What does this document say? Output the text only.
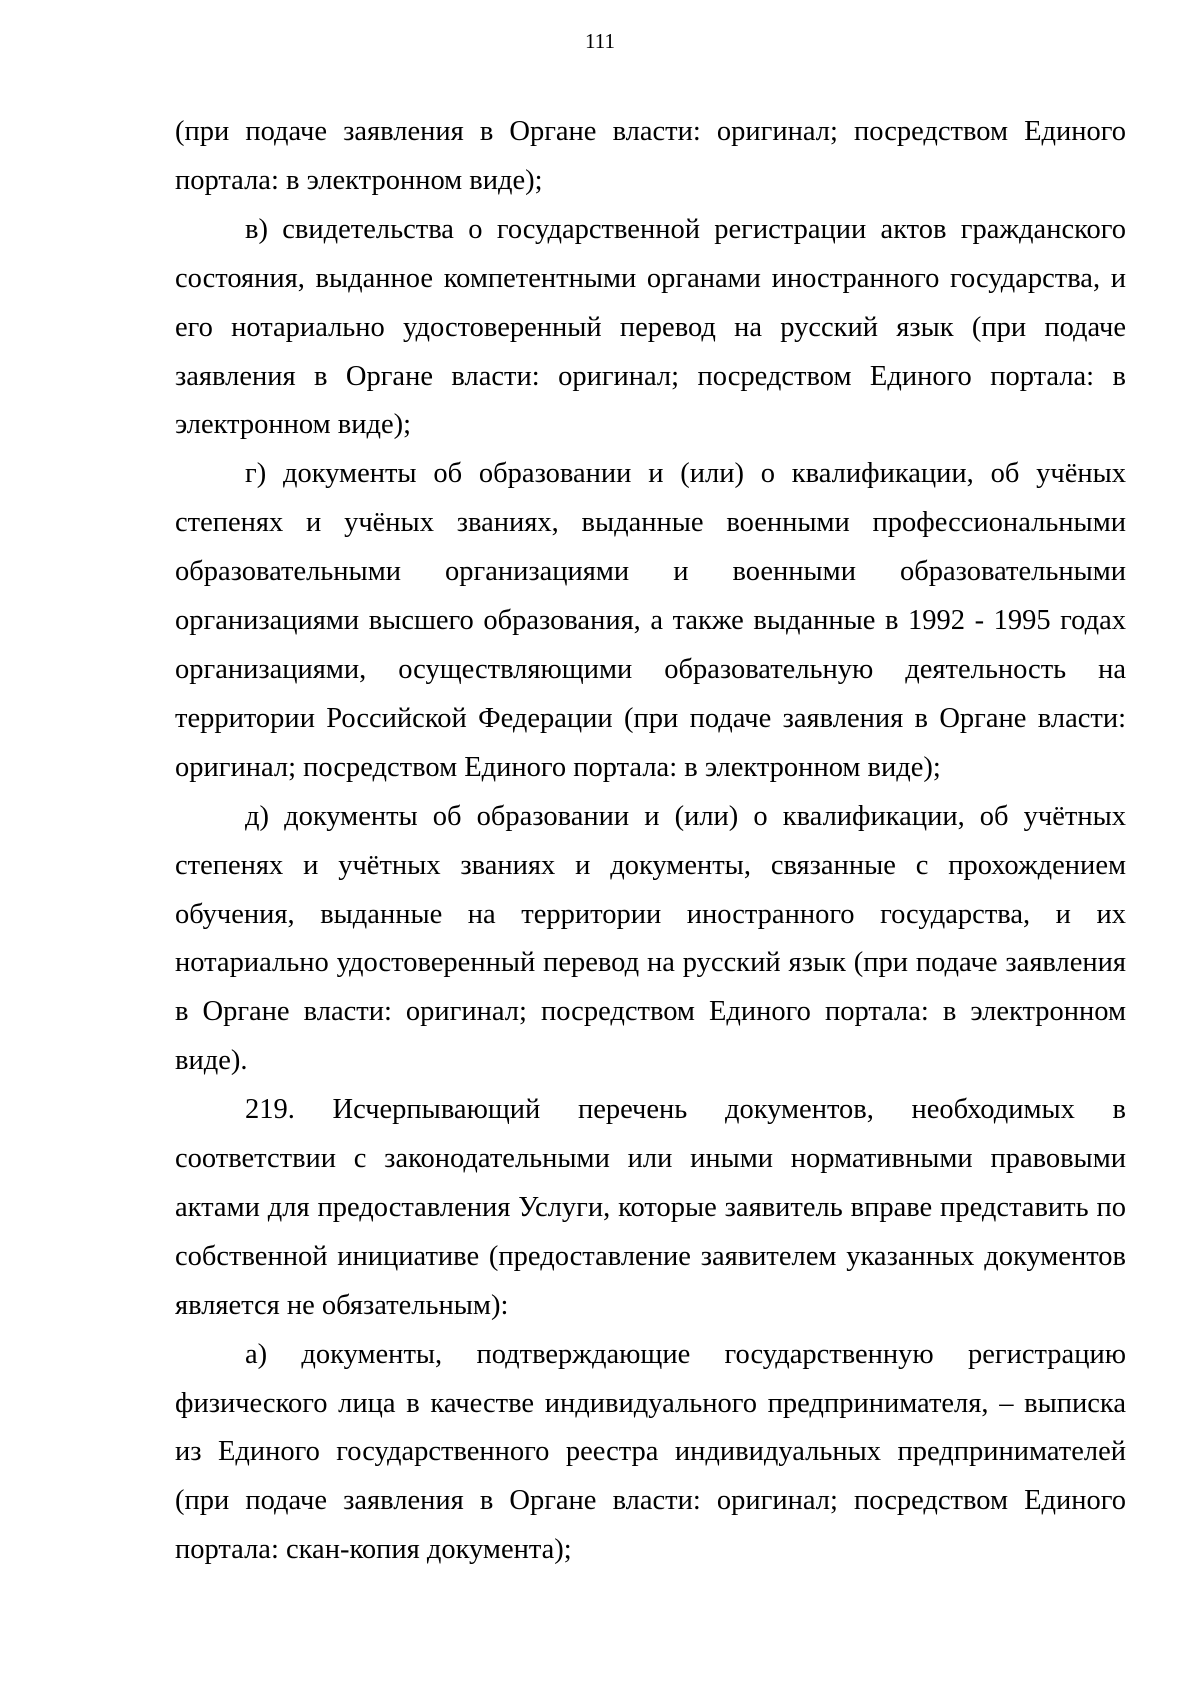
111

(при подаче заявления в Органе власти: оригинал; посредством Единого портала: в электронном виде);

в) свидетельства о государственной регистрации актов гражданского состояния, выданное компетентными органами иностранного государства, и его нотариально удостоверенный перевод на русский язык (при подаче заявления в Органе власти: оригинал; посредством Единого портала: в электронном виде);

г) документы об образовании и (или) о квалификации, об учёных степенях и учёных званиях, выданные военными профессиональными образовательными организациями и военными образовательными организациями высшего образования, а также выданные в 1992 - 1995 годах организациями, осуществляющими образовательную деятельность на территории Российской Федерации (при подаче заявления в Органе власти: оригинал; посредством Единого портала: в электронном виде);

д) документы об образовании и (или) о квалификации, об учётных степенях и учётных званиях и документы, связанные с прохождением обучения, выданные на территории иностранного государства, и их нотариально удостоверенный перевод на русский язык (при подаче заявления в Органе власти: оригинал; посредством Единого портала: в электронном виде).

219. Исчерпывающий перечень документов, необходимых в соответствии с законодательными или иными нормативными правовыми актами для предоставления Услуги, которые заявитель вправе представить по собственной инициативе (предоставление заявителем указанных документов является не обязательным):

а) документы, подтверждающие государственную регистрацию физического лица в качестве индивидуального предпринимателя, – выписка из Единого государственного реестра индивидуальных предпринимателей (при подаче заявления в Органе власти: оригинал; посредством Единого портала: скан-копия документа);
